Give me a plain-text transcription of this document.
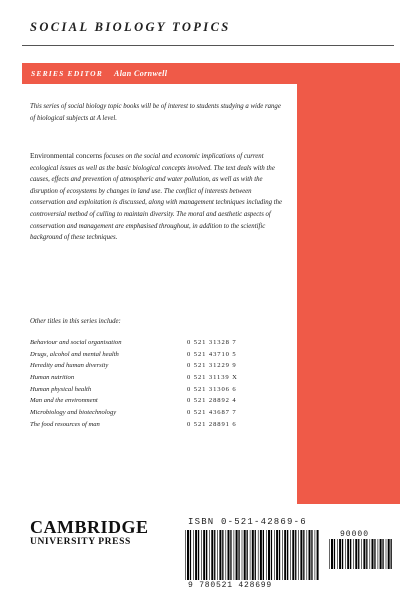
SOCIAL BIOLOGY TOPICS
SERIES EDITOR Alan Cornwell
This series of social biology topic books will be of interest to students studying a wide range of biological subjects at A level.
Environmental concerns focuses on the social and economic implications of current ecological issues as well as the basic biological concepts involved. The text deals with the causes, effects and prevention of atmospheric and water pollution, as well as with the disruption of ecosystems by changes in land use. The conflict of interests between conservation and exploitation is discussed, along with management techniques including the controversial method of culling to maintain diversity. The moral and aesthetic aspects of conservation and management are emphasised throughout, in addition to the scientific background of these techniques.
Other titles in this series include:
Behaviour and social organisation	0 521 31328 7
Drugs, alcohol and mental health	0 521 43710 5
Heredity and human diversity	0 521 31229 9
Human nutrition	0 521 31139 X
Human physical health	0 521 31306 6
Man and the environment	0 521 28892 4
Microbiology and biotechnology	0 521 43687 7
The food resources of man	0 521 28891 6
CAMBRIDGE
UNIVERSITY PRESS
ISBN 0-521-42869-6
90000
9 780521 428699
